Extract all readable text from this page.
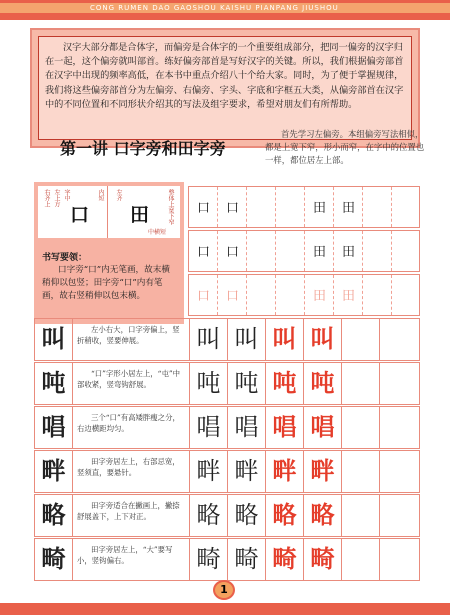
CONG RUMEN DAO GAOSHOU KAISHU PIANPANG JIUSHOU
汉字大部分都是合体字，而偏旁是合体字的一个重要组成部分，把同一偏旁的汉字归在一起，这个偏旁就叫部首。练好偏旁部首是写好汉字的关键。所以，我们根据偏旁部首在汉字中出现的频率高低，在本书中重点介绍八十个给大家。同时，为了便于掌握规律，我们将这些偏旁部首分为左偏旁、右偏旁、字头、字底和字框五大类，从偏旁部首在汉字中的不同位置和不同形状介绍其的写法及组字要求，希望对朋友们有所帮助。
第一讲 口字旁和田字旁
首先学习左偏旁。本组偏旁写法相似，都是上宽下窄，形小而窄，在字中的位置也一样，都位居左上部。
右齐上 左上方 字中
口
内短 左齐
田	整体上宽下窄
中横短
书写要领：
口字旁“口”内无笔画，故末横稍仰以包竖；田字旁“口”内有笔画，故右竖稍伸以包末横。
口	口	田	田
口	口	田	田
口	口	田	田
叫	左小右大，口字旁偏上，竖折稍收，竖要伸展。	叫 叫 叫 叫
吨	“口”字形小居左上，“屯”中部收紧，竖弯钩舒展。	吨 吨 吨 吨
唱	三个“口”有高矮胖瘦之分，右边横距均匀。	唱 唱 唱 唱
畔	田字旁居左上，右部忌宽，竖须直，要悬针。	畔 畔 畔 畔
略	田字旁适合在撇画上，撇捺舒展盖下，上下对正。	略 略 略 略
畸	田字旁居左上，“大”要写小，竖钩偏右。	畸 畸 畸 畸
1
